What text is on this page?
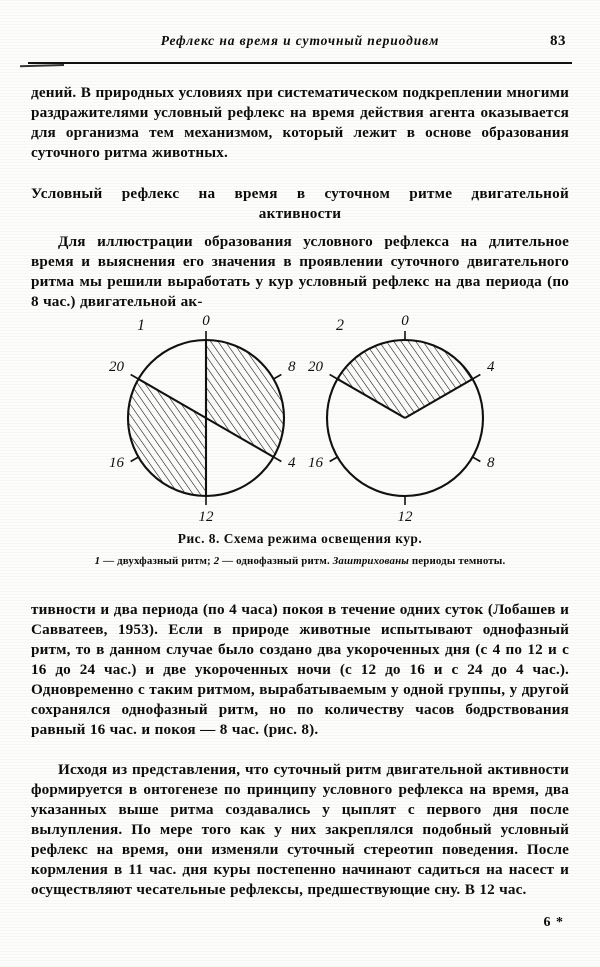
Рефлекс на время и суточный периодивм	83

дений. В природных условиях при систематическом подкреплении многими раздражителями условный рефлекс на время действия агента оказывается для организма тем механизмом, который лежит в основе образования суточного ритма животных.

Условный рефлекс на время в суточном ритме двигательной
активности

Для иллюстрации образования условного рефлекса на длительное время и выяснения его значения в проявлении суточного двигательного ритма мы решили выработать у кур условный рефлекс на два периода (по 8 час.) двигательной ак-

0
4
8
12
16
20
1	0
4
8
12
16
20
2
Рис. 8. Схема режима освещения кур.
1 — двухфазный ритм; 2 — однофазный ритм. Заштрихованы периоды темноты.

тивности и два периода (по 4 часа) покоя в течение одних суток (Лобашев и Савватеев, 1953). Если в природе животные испытывают однофазный ритм, то в данном случае было создано два укороченных дня (с 4 по 12 и с 16 до 24 час.) и две укороченных ночи (с 12 до 16 и с 24 до 4 час.). Одновременно с таким ритмом, вырабатываемым у одной группы, у другой сохранялся однофазный ритм, но по количеству часов бодрствования равный 16 час. и покоя — 8 час. (рис. 8).

Исходя из представления, что суточный ритм двигательной активности формируется в онтогенезе по принципу условного рефлекса на время, два указанных выше ритма создавались у цыплят с первого дня после вылупления. По мере того как у них закреплялся подобный условный рефлекс на время, они изменяли суточный стереотип поведения. После кормления в 11 час. дня куры постепенно начинают садиться на насест и осуществляют чесательные рефлексы, предшествующие сну. В 12 час.

6 *
